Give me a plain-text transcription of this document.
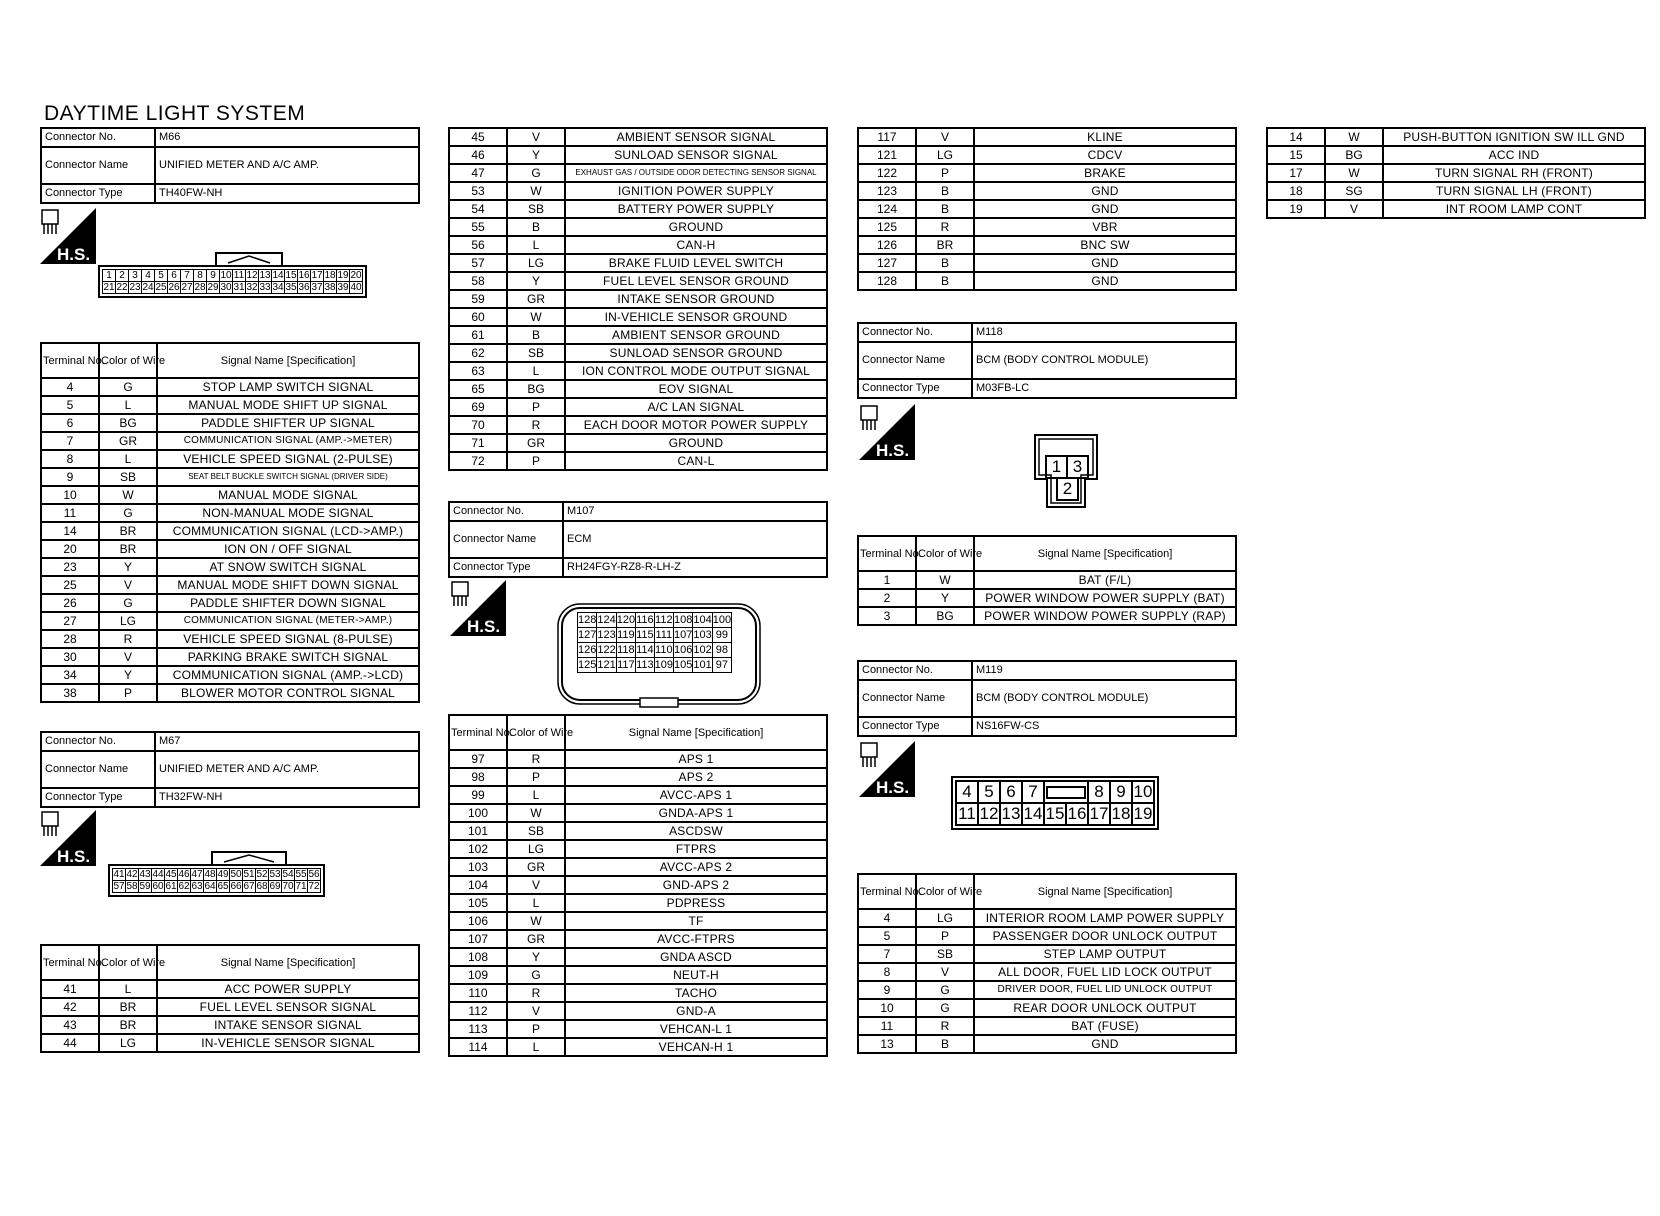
DAYTIME LIGHT SYSTEM
Connector No.	M66
Connector Name	UNIFIED METER AND A/C AMP.
Connector Type	TH40FW-NH
H.S.
1	2	3	4	5	6	7	8	9	10	11	12	13	14	15	16	17	18	19	20
21	22	23	24	25	26	27	28	29	30	31	32	33	34	35	36	37	38	39	40
Terminal No.	Color of Wire	Signal Name [Specification]
4	G	STOP LAMP SWITCH SIGNAL
5	L	MANUAL MODE SHIFT UP SIGNAL
6	BG	PADDLE SHIFTER UP SIGNAL
7	GR	COMMUNICATION SIGNAL (AMP.->METER)
8	L	VEHICLE SPEED SIGNAL (2-PULSE)
9	SB	SEAT BELT BUCKLE SWITCH SIGNAL (DRIVER SIDE)
10	W	MANUAL MODE SIGNAL
11	G	NON-MANUAL MODE SIGNAL
14	BR	COMMUNICATION SIGNAL (LCD->AMP.)
20	BR	ION ON / OFF SIGNAL
23	Y	AT SNOW SWITCH SIGNAL
25	V	MANUAL MODE SHIFT DOWN SIGNAL
26	G	PADDLE SHIFTER DOWN SIGNAL
27	LG	COMMUNICATION SIGNAL (METER->AMP.)
28	R	VEHICLE SPEED SIGNAL (8-PULSE)
30	V	PARKING BRAKE SWITCH SIGNAL
34	Y	COMMUNICATION SIGNAL (AMP.->LCD)
38	P	BLOWER MOTOR CONTROL SIGNAL
Connector No.	M67
Connector Name	UNIFIED METER AND A/C AMP.
Connector Type	TH32FW-NH
H.S.
41	42	43	44	45	46	47	48	49	50	51	52	53	54	55	56
57	58	59	60	61	62	63	64	65	66	67	68	69	70	71	72
Terminal No.	Color of Wire	Signal Name [Specification]
41	L	ACC POWER SUPPLY
42	BR	FUEL LEVEL SENSOR SIGNAL
43	BR	INTAKE SENSOR SIGNAL
44	LG	IN-VEHICLE SENSOR SIGNAL
45	V	AMBIENT SENSOR SIGNAL
46	Y	SUNLOAD SENSOR SIGNAL
47	G	EXHAUST GAS / OUTSIDE ODOR DETECTING SENSOR SIGNAL
53	W	IGNITION POWER SUPPLY
54	SB	BATTERY POWER SUPPLY
55	B	GROUND
56	L	CAN-H
57	LG	BRAKE FLUID LEVEL SWITCH
58	Y	FUEL LEVEL SENSOR GROUND
59	GR	INTAKE SENSOR GROUND
60	W	IN-VEHICLE SENSOR GROUND
61	B	AMBIENT SENSOR GROUND
62	SB	SUNLOAD SENSOR GROUND
63	L	ION CONTROL MODE OUTPUT SIGNAL
65	BG	EOV SIGNAL
69	P	A/C LAN SIGNAL
70	R	EACH DOOR MOTOR POWER SUPPLY
71	GR	GROUND
72	P	CAN-L
Connector No.	M107
Connector Name	ECM
Connector Type	RH24FGY-RZ8-R-LH-Z
H.S.	128	124	120	116	112	108	104	100
127	123	119	115	111	107	103	99
126	122	118	114	110	106	102	98
125	121	117	113	109	105	101	97
Terminal No.	Color of Wire	Signal Name [Specification]
97	R	APS 1
98	P	APS 2
99	L	AVCC-APS 1
100	W	GNDA-APS 1
101	SB	ASCDSW
102	LG	FTPRS
103	GR	AVCC-APS 2
104	V	GND-APS 2
105	L	PDPRESS
106	W	TF
107	GR	AVCC-FTPRS
108	Y	GNDA ASCD
109	G	NEUT-H
110	R	TACHO
112	V	GND-A
113	P	VEHCAN-L 1
114	L	VEHCAN-H 1
117	V	KLINE
121	LG	CDCV
122	P	BRAKE
123	B	GND
124	B	GND
125	R	VBR
126	BR	BNC SW
127	B	GND
128	B	GND
Connector No.	M118
Connector Name	BCM (BODY CONTROL MODULE)
Connector Type	M03FB-LC
H.S.
1 3
2
Terminal No.	Color of Wire	Signal Name [Specification]
1	W	BAT (F/L)
2	Y	POWER WINDOW POWER SUPPLY (BAT)
3	BG	POWER WINDOW POWER SUPPLY (RAP)
Connector No.	M119
Connector Name	BCM (BODY CONTROL MODULE)
Connector Type	NS16FW-CS
H.S.	4	5	6	7			8	9	10
11	12	13	14	15	16	17	18	19
Terminal No.	Color of Wire	Signal Name [Specification]
4	LG	INTERIOR ROOM LAMP POWER SUPPLY
5	P	PASSENGER DOOR UNLOCK OUTPUT
7	SB	STEP LAMP OUTPUT
8	V	ALL DOOR, FUEL LID LOCK OUTPUT
9	G	DRIVER DOOR, FUEL LID UNLOCK OUTPUT
10	G	REAR DOOR UNLOCK OUTPUT
11	R	BAT (FUSE)
13	B	GND
14	W	PUSH-BUTTON IGNITION SW ILL GND
15	BG	ACC IND
17	W	TURN SIGNAL RH (FRONT)
18	SG	TURN SIGNAL LH (FRONT)
19	V	INT ROOM LAMP CONT
